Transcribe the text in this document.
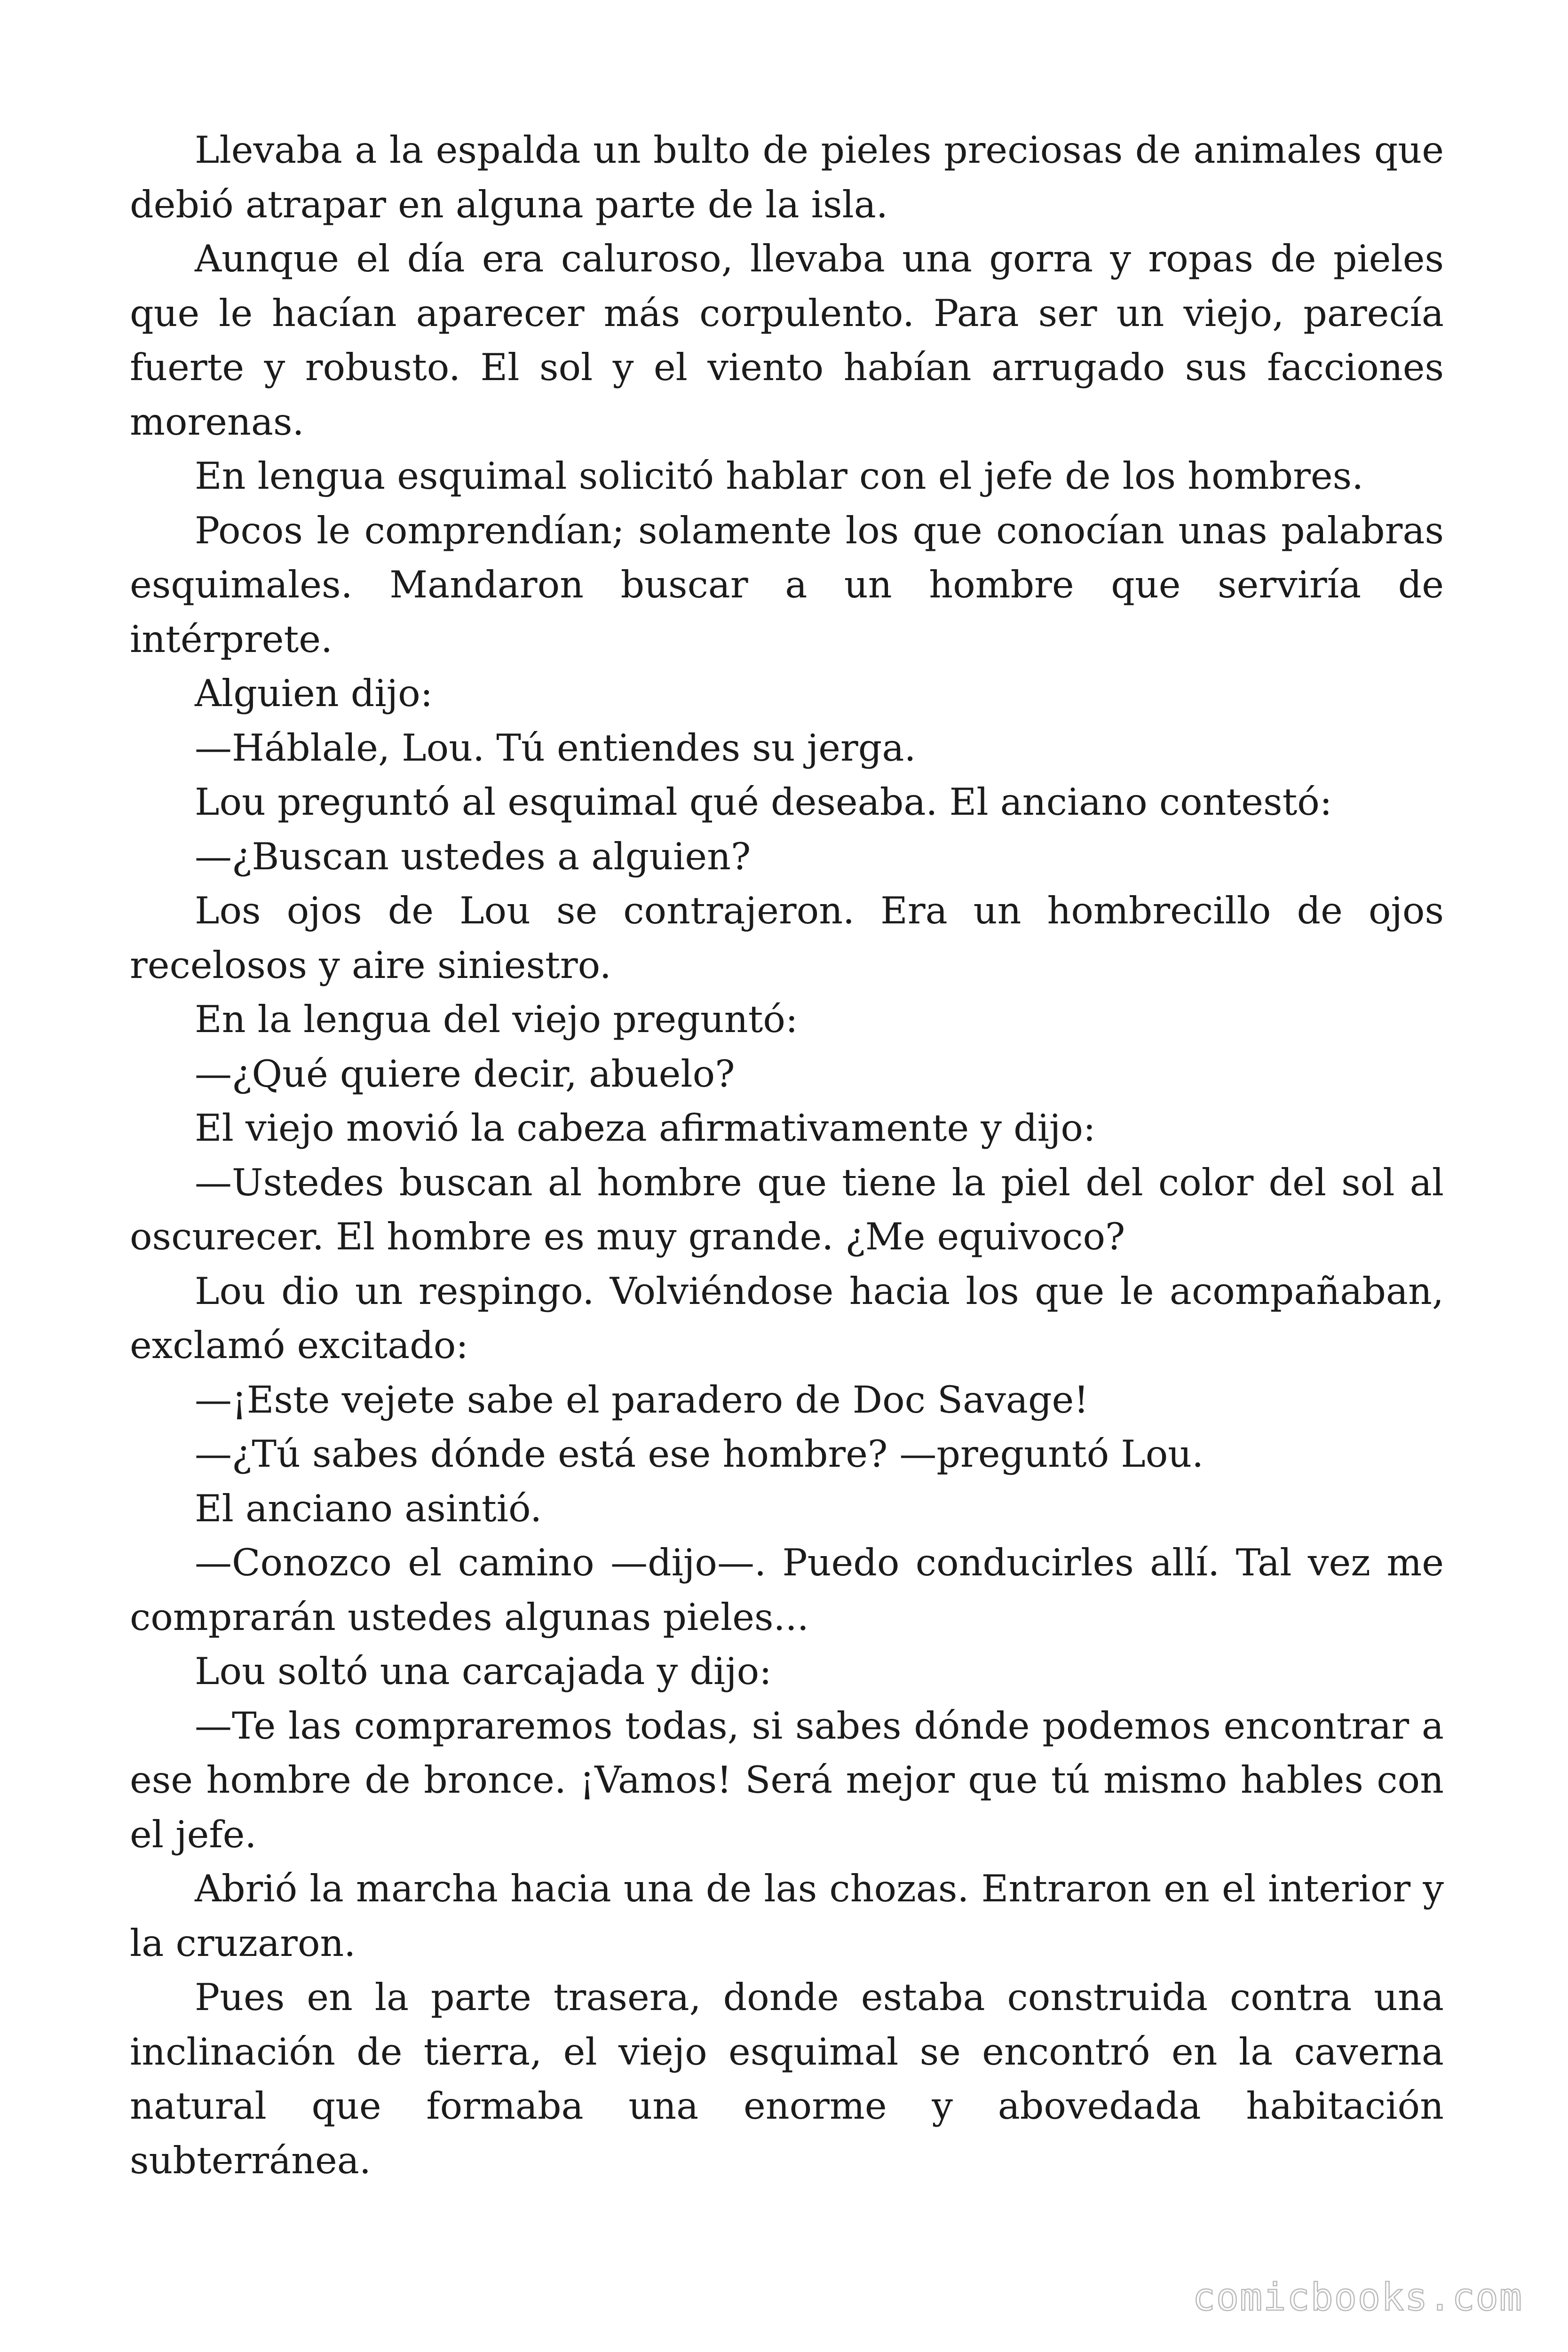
Llevaba a la espalda un bulto de pieles preciosas de animales que debió atrapar en alguna parte de la isla.

Aunque el día era caluroso, llevaba una gorra y ropas de pieles que le hacían aparecer más corpulento. Para ser un viejo, parecía fuerte y robusto. El sol y el viento habían arrugado sus facciones morenas.

En lengua esquimal solicitó hablar con el jefe de los hombres.

Pocos le comprendían; solamente los que conocían unas palabras esquimales. Mandaron buscar a un hombre que serviría de intérprete.

Alguien dijo:

—Háblale, Lou. Tú entiendes su jerga.

Lou preguntó al esquimal qué deseaba. El anciano contestó:

—¿Buscan ustedes a alguien?

Los ojos de Lou se contrajeron. Era un hombrecillo de ojos recelosos y aire siniestro.

En la lengua del viejo preguntó:

—¿Qué quiere decir, abuelo?

El viejo movió la cabeza afirmativamente y dijo:

—Ustedes buscan al hombre que tiene la piel del color del sol al oscurecer. El hombre es muy grande. ¿Me equivoco?

Lou dio un respingo. Volviéndose hacia los que le acompañaban, exclamó excitado:

—¡Este vejete sabe el paradero de Doc Savage!

—¿Tú sabes dónde está ese hombre? —preguntó Lou.

El anciano asintió.

—Conozco el camino —dijo—. Puedo conducirles allí. Tal vez me comprarán ustedes algunas pieles...

Lou soltó una carcajada y dijo:

—Te las compraremos todas, si sabes dónde podemos encontrar a ese hombre de bronce. ¡Vamos! Será mejor que tú mismo hables con el jefe.

Abrió la marcha hacia una de las chozas. Entraron en el interior y la cruzaron.

Pues en la parte trasera, donde estaba construida contra una inclinación de tierra, el viejo esquimal se encontró en la caverna natural que formaba una enorme y abovedada habitación subterránea.

comicbooks.com
